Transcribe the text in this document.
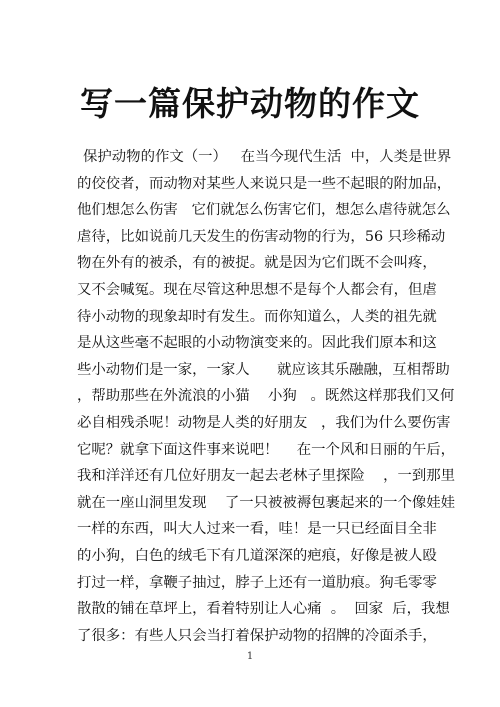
写一篇保护动物的作文
保护动物的作文（一）   在当今现代生活  中，人类是世界
的佼佼者，而动物对某些人来说只是一些不起眼的附加品，
他们想怎么伤害   它们就怎么伤害它们，想怎么虐待就怎么
虐待，比如说前几天发生的伤害动物的行为，56 只珍稀动
物在外有的被杀，有的被捉。就是因为它们既不会叫疼，
又不会喊冤。现在尽管这种思想不是每个人都会有，但虐
待小动物的现象却时有发生。而你知道么，人类的祖先就
是从这些毫不起眼的小动物演变来的。因此我们原本和这
些小动物们是一家，一家人      就应该其乐融融，互相帮助
，帮助那些在外流浪的小猫    小狗   。既然这样那我们又何
必自相残杀呢！动物是人类的好朋友   ，我们为什么要伤害
它呢？就拿下面这件事来说吧！    在一个风和日丽的午后，
我和洋洋还有几位好朋友一起去老林子里探险    ，一到那里
就在一座山洞里发现    了一只被被褥包裹起来的一个像娃娃
一样的东西，叫大人过来一看，哇！是一只已经面目全非
的小狗，白色的绒毛下有几道深深的疤痕，好像是被人殴
打过一样，拿鞭子抽过，脖子上还有一道肋痕。狗毛零零
散散的铺在草坪上，看着特别让人心痛  。  回家  后，我想
了很多：有些人只会当打着保护动物的招牌的冷面杀手，
1
